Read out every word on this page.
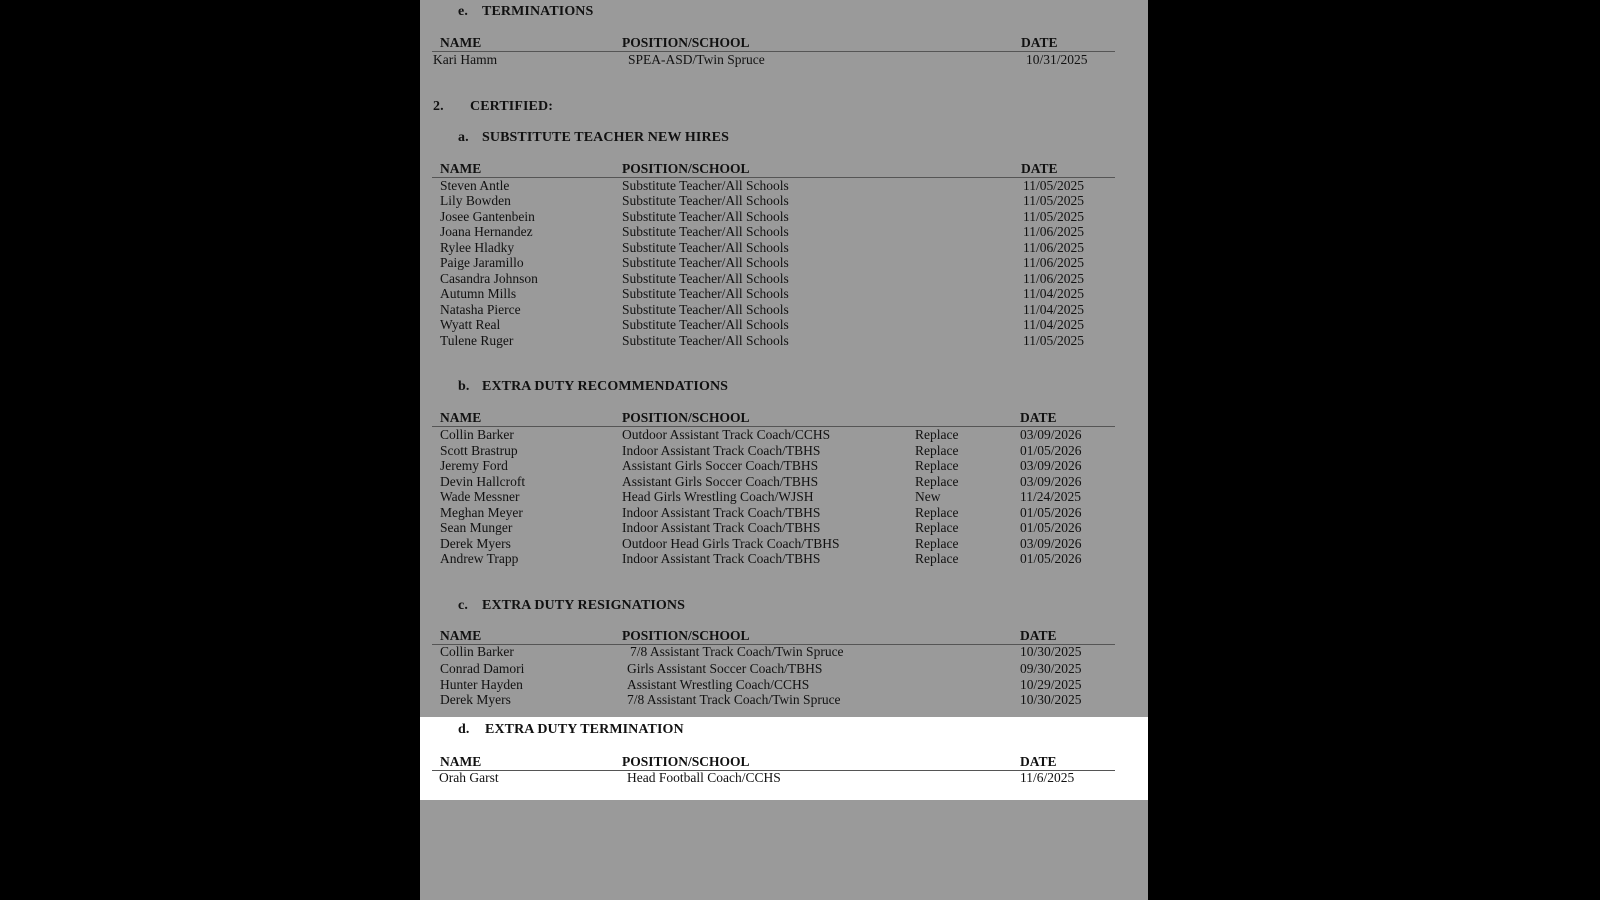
e. TERMINATIONS
NAME	POSITION/SCHOOL	DATE
Kari Hamm	SPEA-ASD/Twin Spruce	10/31/2025
2. CERTIFIED:
a. SUBSTITUTE TEACHER NEW HIRES
NAME	POSITION/SCHOOL	DATE
Steven Antle	Substitute Teacher/All Schools	11/05/2025
Lily Bowden	Substitute Teacher/All Schools	11/05/2025
Josee Gantenbein	Substitute Teacher/All Schools	11/05/2025
Joana Hernandez	Substitute Teacher/All Schools	11/06/2025
Rylee Hladky	Substitute Teacher/All Schools	11/06/2025
Paige Jaramillo	Substitute Teacher/All Schools	11/06/2025
Casandra Johnson	Substitute Teacher/All Schools	11/06/2025
Autumn Mills	Substitute Teacher/All Schools	11/04/2025
Natasha Pierce	Substitute Teacher/All Schools	11/04/2025
Wyatt Real	Substitute Teacher/All Schools	11/04/2025
Tulene Ruger	Substitute Teacher/All Schools	11/05/2025
b. EXTRA DUTY RECOMMENDATIONS
NAME	POSITION/SCHOOL	DATE
Collin Barker	Outdoor Assistant Track Coach/CCHS	Replace	03/09/2026
Scott Brastrup	Indoor Assistant Track Coach/TBHS	Replace	01/05/2026
Jeremy Ford	Assistant Girls Soccer Coach/TBHS	Replace	03/09/2026
Devin Hallcroft	Assistant Girls Soccer Coach/TBHS	Replace	03/09/2026
Wade Messner	Head Girls Wrestling Coach/WJSH	New	11/24/2025
Meghan Meyer	Indoor Assistant Track Coach/TBHS	Replace	01/05/2026
Sean Munger	Indoor Assistant Track Coach/TBHS	Replace	01/05/2026
Derek Myers	Outdoor Head Girls Track Coach/TBHS	Replace	03/09/2026
Andrew Trapp	Indoor Assistant Track Coach/TBHS	Replace	01/05/2026
c. EXTRA DUTY RESIGNATIONS
NAME	POSITION/SCHOOL	DATE
Collin Barker	7/8 Assistant Track Coach/Twin Spruce	10/30/2025
Conrad Damori	Girls Assistant Soccer Coach/TBHS	09/30/2025
Hunter Hayden	Assistant Wrestling Coach/CCHS	10/29/2025
Derek Myers	7/8 Assistant Track Coach/Twin Spruce	10/30/2025
d. EXTRA DUTY TERMINATION
NAME	POSITION/SCHOOL	DATE
Orah Garst	Head Football Coach/CCHS	11/6/2025
